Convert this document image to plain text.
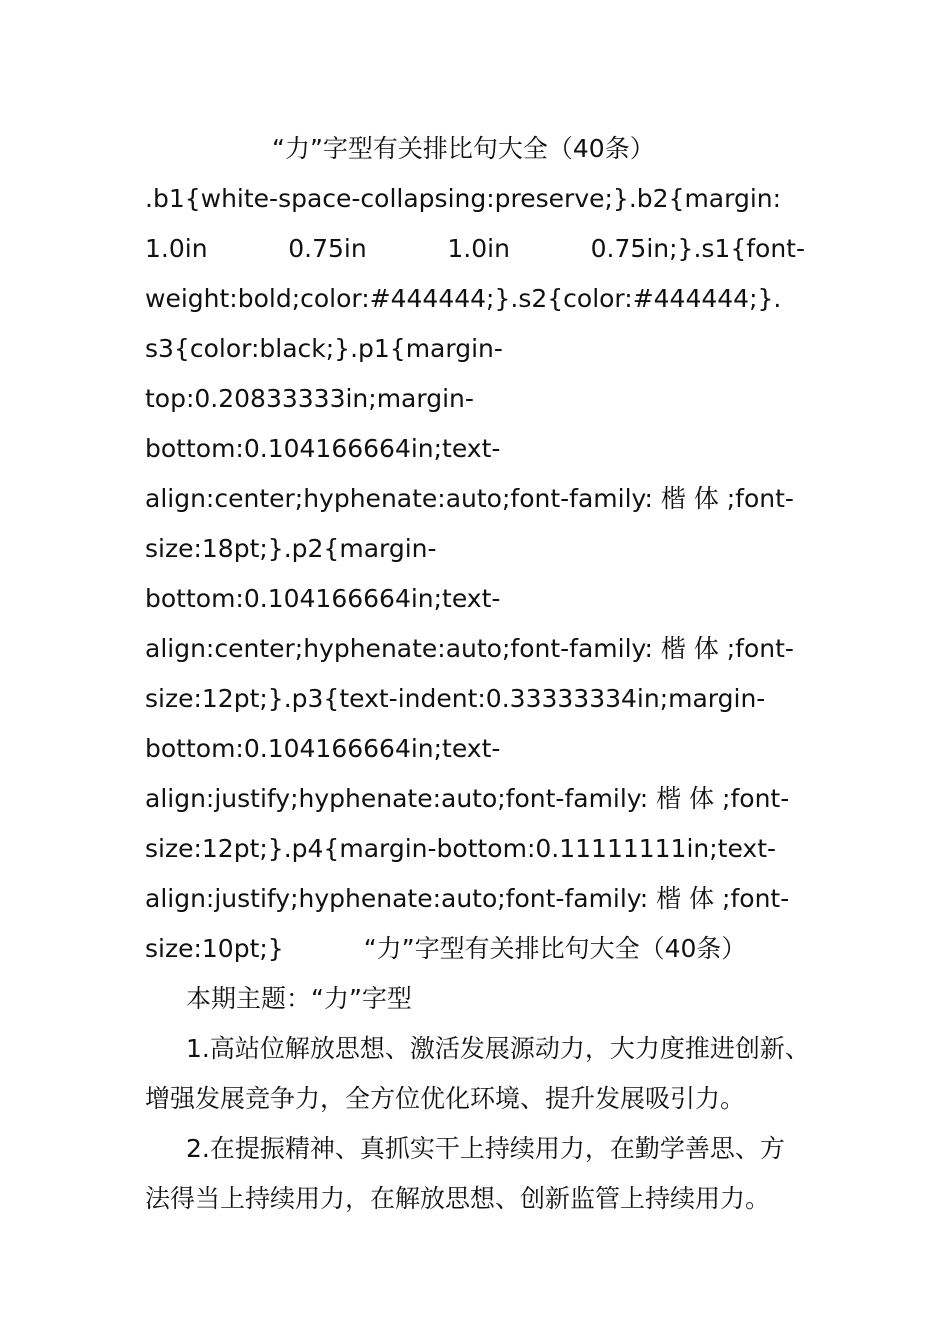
“力”字型有关排比句大全（40条）
.b1{white-space-collapsing:preserve;}.b2{margin:
1.0in	0.75in	1.0in	0.75in;}.s1{font-
weight:bold;color:#444444;}.s2{color:#444444;}.
s3{color:black;}.p1{margin-
top:0.20833333in;margin-
bottom:0.104166664in;text-
align:center;hyphenate:auto;font-family: 楷 体 ;font-
size:18pt;}.p2{margin-
bottom:0.104166664in;text-
align:center;hyphenate:auto;font-family: 楷 体 ;font-
size:12pt;}.p3{text-indent:0.33333334in;margin-
bottom:0.104166664in;text-
align:justify;hyphenate:auto;font-family: 楷 体 ;font-
size:12pt;}.p4{margin-bottom:0.11111111in;text-
align:justify;hyphenate:auto;font-family: 楷 体 ;font-
size:10pt;}	“力”字型有关排比句大全（40条）
本期主题：“力”字型
1.高站位解放思想、激活发展源动力，大力度推进创新、
增强发展竞争力，全方位优化环境、提升发展吸引力。
2.在提振精神、真抓实干上持续用力，在勤学善思、方
法得当上持续用力，在解放思想、创新监管上持续用力。
